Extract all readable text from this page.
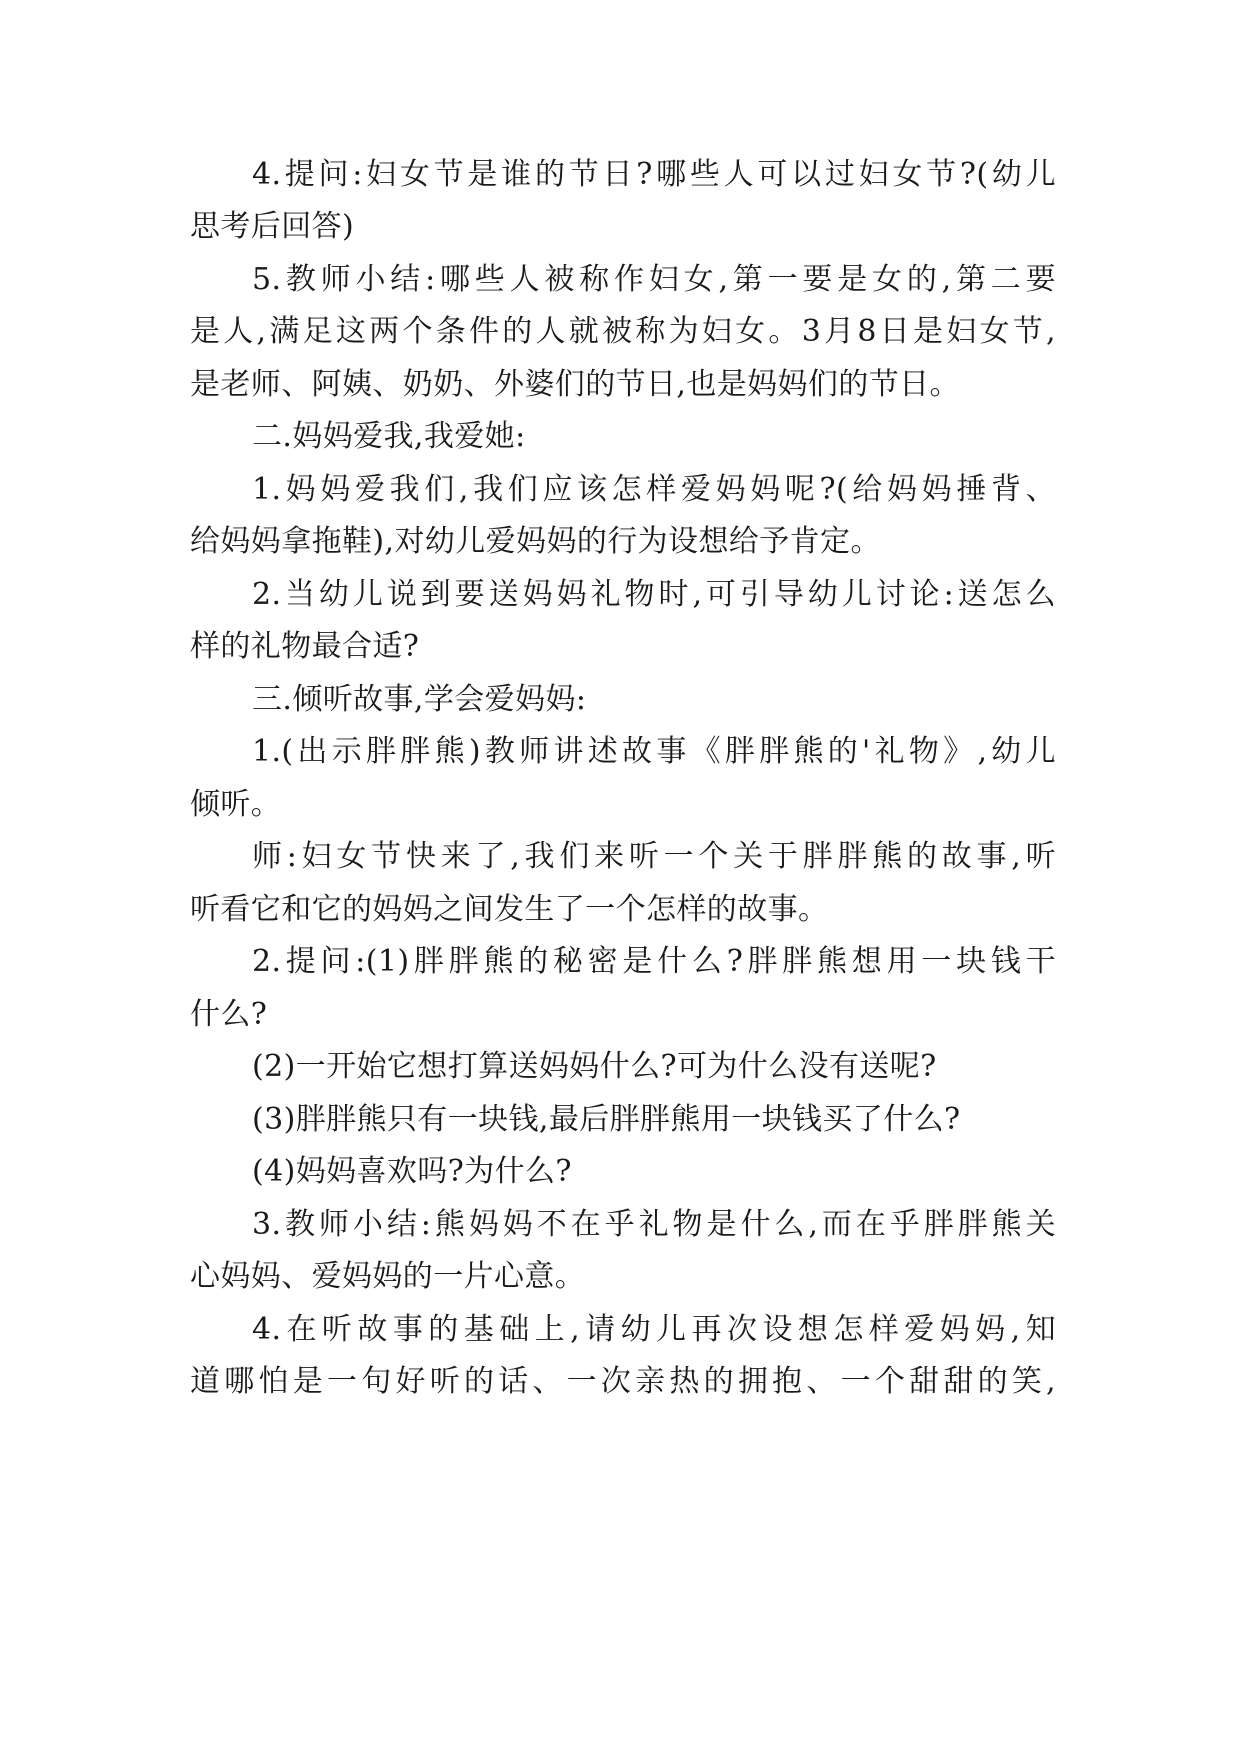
4.提问:妇女节是谁的节日?哪些人可以过妇女节?(幼儿
思考后回答)
5.教师小结:哪些人被称作妇女,第一要是女的,第二要
是人,满足这两个条件的人就被称为妇女。3月8日是妇女节,
是老师、阿姨、奶奶、外婆们的节日,也是妈妈们的节日。
二.妈妈爱我,我爱她:
1.妈妈爱我们,我们应该怎样爱妈妈呢?(给妈妈捶背、
给妈妈拿拖鞋),对幼儿爱妈妈的行为设想给予肯定。
2.当幼儿说到要送妈妈礼物时,可引导幼儿讨论:送怎么
样的礼物最合适?
三.倾听故事,学会爱妈妈:
1.(出示胖胖熊)教师讲述故事《胖胖熊的'礼物》,幼儿
倾听。
师:妇女节快来了,我们来听一个关于胖胖熊的故事,听
听看它和它的妈妈之间发生了一个怎样的故事。
2.提问:(1)胖胖熊的秘密是什么?胖胖熊想用一块钱干
什么?
(2)一开始它想打算送妈妈什么?可为什么没有送呢?
(3)胖胖熊只有一块钱,最后胖胖熊用一块钱买了什么?
(4)妈妈喜欢吗?为什么?
3.教师小结:熊妈妈不在乎礼物是什么,而在乎胖胖熊关
心妈妈、爱妈妈的一片心意。
4.在听故事的基础上,请幼儿再次设想怎样爱妈妈,知
道哪怕是一句好听的话、一次亲热的拥抱、一个甜甜的笑,
